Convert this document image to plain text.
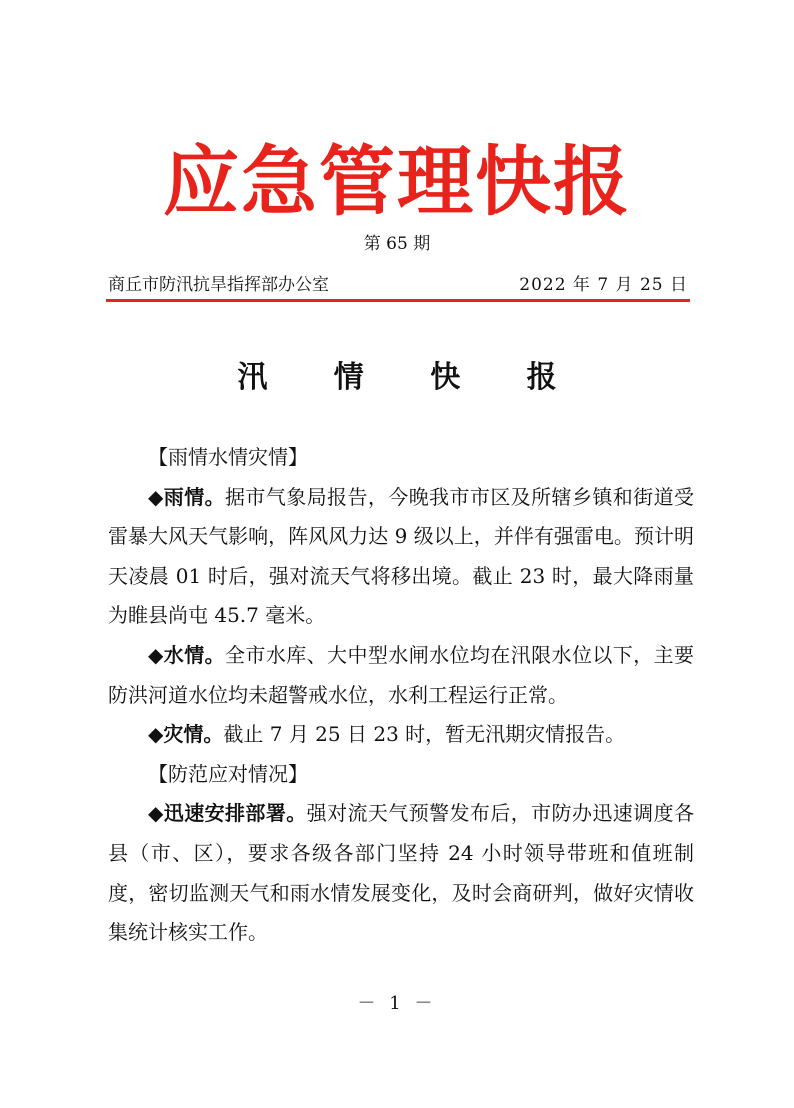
应急管理快报
第 65 期
商丘市防汛抗旱指挥部办公室	2022 年 7 月 25 日
汛 情 快 报

【雨情水情灾情】

◆雨情。据市气象局报告，今晚我市市区及所辖乡镇和街道受雷暴大风天气影响，阵风风力达 9 级以上，并伴有强雷电。预计明天凌晨 01 时后，强对流天气将移出境。截止 23 时，最大降雨量为睢县尚屯 45.7 毫米。

◆水情。全市水库、大中型水闸水位均在汛限水位以下，主要防洪河道水位均未超警戒水位，水利工程运行正常。

◆灾情。截止 7 月 25 日 23 时，暂无汛期灾情报告。

【防范应对情况】

◆迅速安排部署。强对流天气预警发布后，市防办迅速调度各县（市、区），要求各级各部门坚持 24 小时领导带班和值班制度，密切监测天气和雨水情发展变化，及时会商研判，做好灾情收集统计核实工作。

－ 1 －
